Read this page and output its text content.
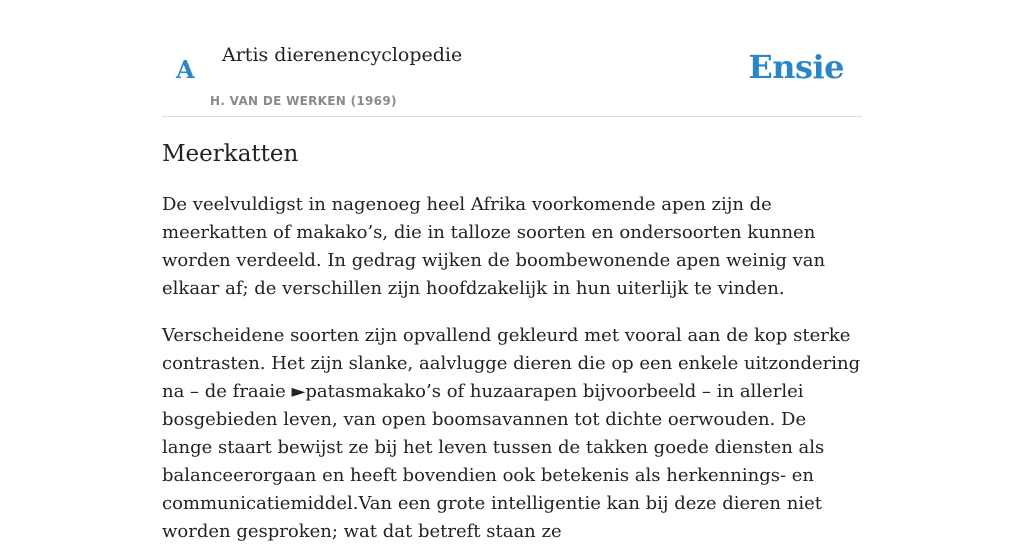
A Artis dierenencyclopedie
H. VAN DE WERKEN (1969)
Ensie
Meerkatten

De veelvuldigst in nagenoeg heel Afrika voorkomende apen zijn de meerkatten of makako’s, die in talloze soorten en ondersoorten kunnen worden verdeeld. In gedrag wijken de boombewonende apen weinig van elkaar af; de verschillen zijn hoofdzakelijk in hun uiterlijk te vinden.

Verscheidene soorten zijn opvallend gekleurd met vooral aan de kop sterke contrasten. Het zijn slanke, aalvlugge dieren die op een enkele uitzondering na – de fraaie ►patasmakako’s of huzaarapen bijvoorbeeld – in allerlei bosgebieden leven, van open boomsavannen tot dichte oerwouden. De lange staart bewijst ze bij het leven tussen de takken goede diensten als balanceerorgaan en heeft bovendien ook betekenis als herkennings- en communicatiemiddel.Van een grote intelligentie kan bij deze dieren niet worden gesproken; wat dat betreft staan ze
